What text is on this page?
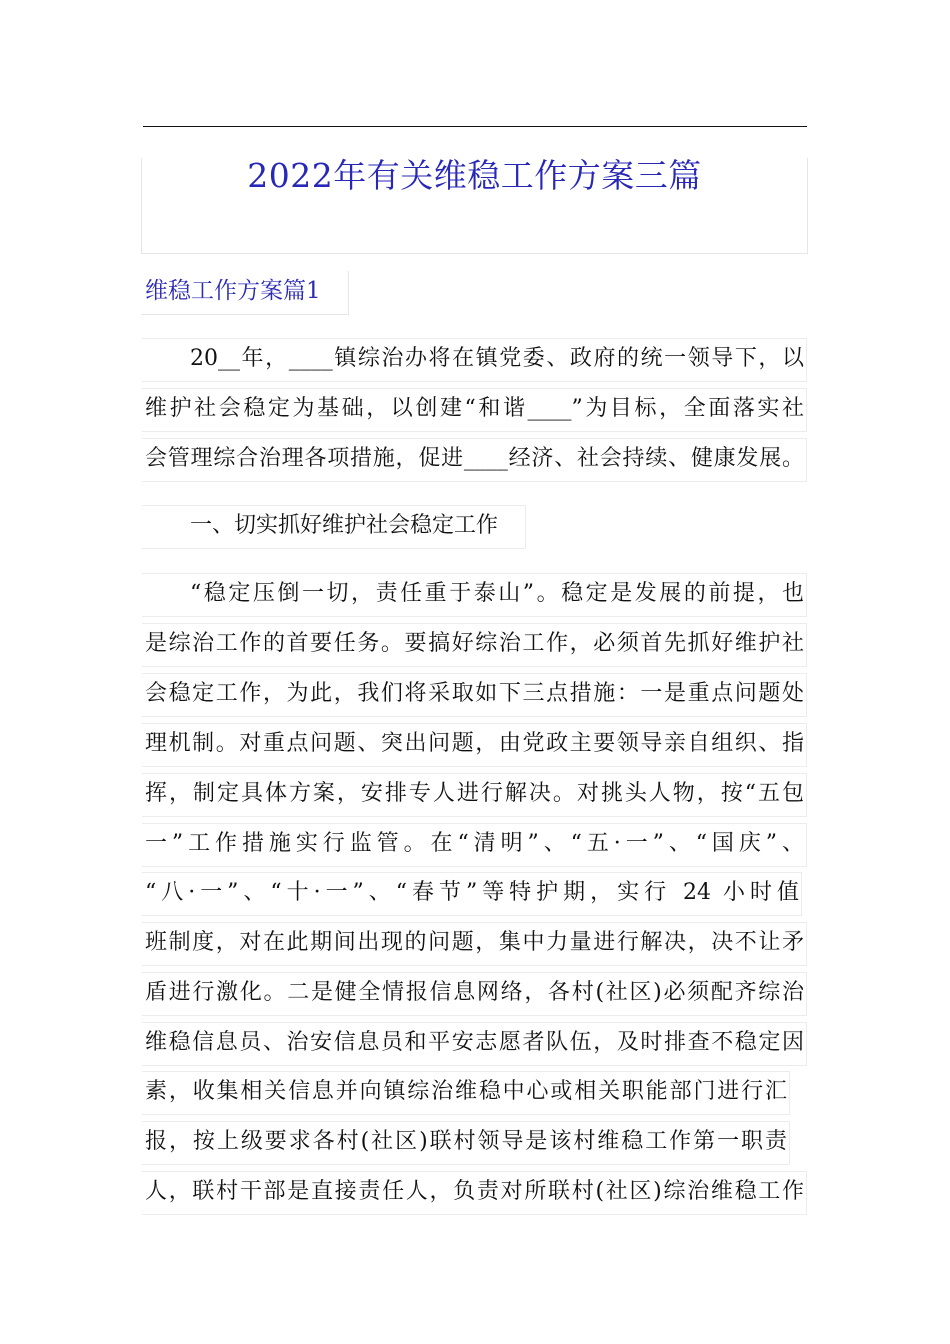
2022年有关维稳工作方案三篇
维稳工作方案篇1
20__年，____镇综治办将在镇党委、政府的统一领导下，以
维护社会稳定为基础，以创建“和谐____”为目标，全面落实社
会管理综合治理各项措施，促进____经济、社会持续、健康发展。
一、切实抓好维护社会稳定工作
“稳定压倒一切，责任重于泰山”。稳定是发展的前提，也
是综治工作的首要任务。要搞好综治工作，必须首先抓好维护社
会稳定工作，为此，我们将采取如下三点措施：一是重点问题处
理机制。对重点问题、突出问题，由党政主要领导亲自组织、指
挥，制定具体方案，安排专人进行解决。对挑头人物，按“五包
一”工作措施实行监管。在“清明”、“五·一”、“国庆”、
“八·一”、“十·一”、“春节”等特护期，实行 24 小时值
班制度，对在此期间出现的问题，集中力量进行解决，决不让矛
盾进行激化。二是健全情报信息网络，各村(社区)必须配齐综治
维稳信息员、治安信息员和平安志愿者队伍，及时排查不稳定因
素，收集相关信息并向镇综治维稳中心或相关职能部门进行汇
报，按上级要求各村(社区)联村领导是该村维稳工作第一职责
人，联村干部是直接责任人，负责对所联村(社区)综治维稳工作
